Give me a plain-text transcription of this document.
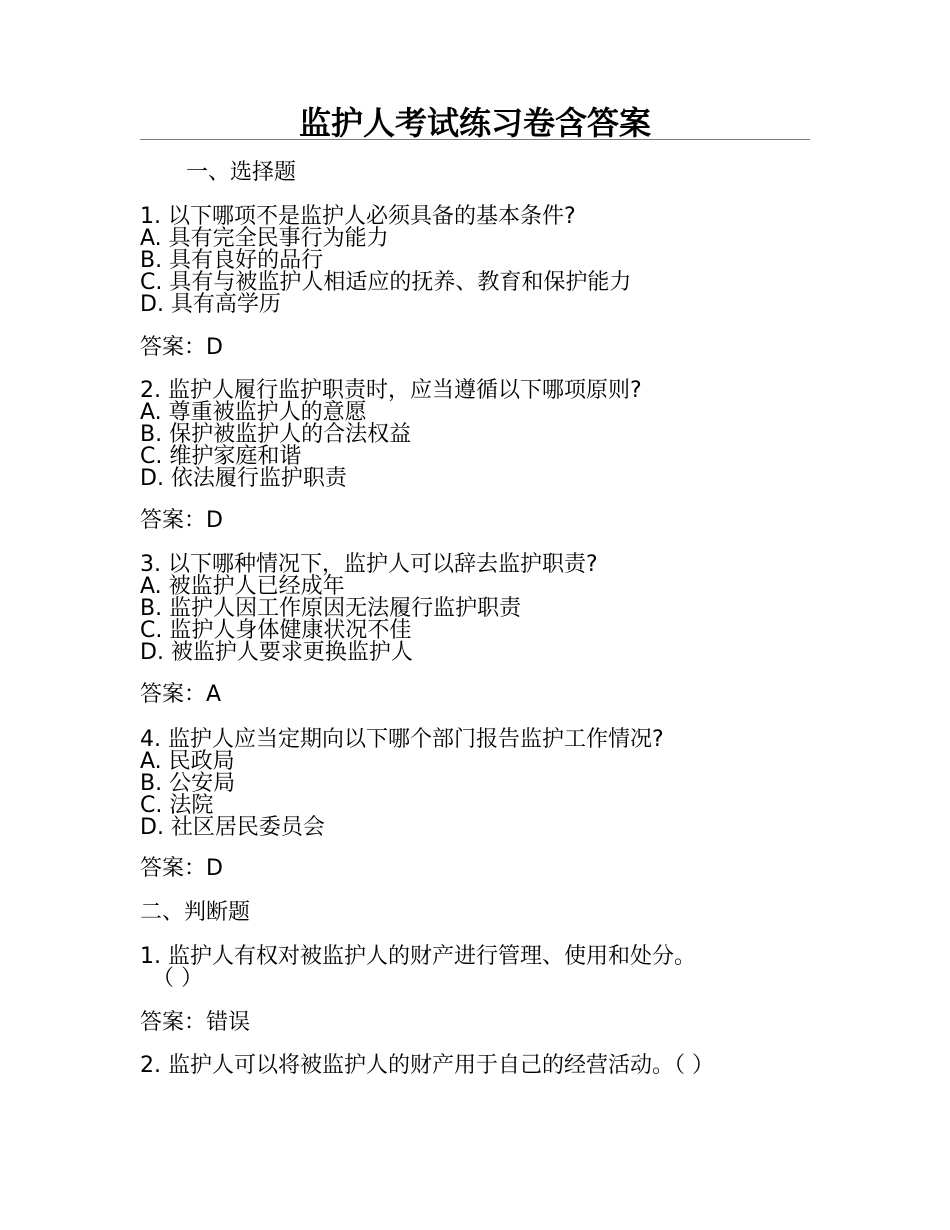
监护人考试练习卷含答案
一、选择题
1. 以下哪项不是监护人必须具备的基本条件?
A. 具有完全民事行为能力
B. 具有良好的品行
C. 具有与被监护人相适应的抚养、教育和保护能力
D. 具有高学历
答案：D
2. 监护人履行监护职责时，应当遵循以下哪项原则?
A. 尊重被监护人的意愿
B. 保护被监护人的合法权益
C. 维护家庭和谐
D. 依法履行监护职责
答案：D
3. 以下哪种情况下，监护人可以辞去监护职责?
A. 被监护人已经成年
B. 监护人因工作原因无法履行监护职责
C. 监护人身体健康状况不佳
D. 被监护人要求更换监护人
答案：A
4. 监护人应当定期向以下哪个部门报告监护工作情况?
A. 民政局
B. 公安局
C. 法院
D. 社区居民委员会
答案：D
二、判断题
1. 监护人有权对被监护人的财产进行管理、使用和处分。
（ ）
答案：错误
2. 监护人可以将被监护人的财产用于自己的经营活动。（ ）
